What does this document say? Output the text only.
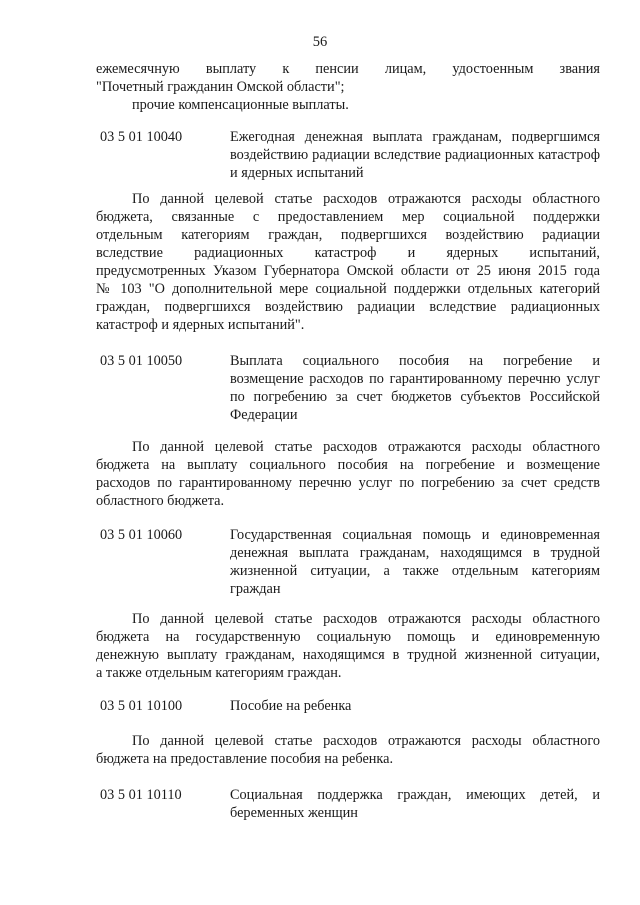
56
ежемесячную выплату к пенсии лицам, удостоенным звания
"Почетный гражданин Омской области";
прочие компенсационные выплаты.
03 5 01 10040	Ежегодная денежная выплата гражданам, подвергшимся
воздействию радиации вследствие радиационных катастроф
и ядерных испытаний
По данной целевой статье расходов отражаются расходы областного
бюджета, связанные с предоставлением мер социальной поддержки
отдельным категориям граждан, подвергшихся воздействию радиации
вследствие радиационных катастроф и ядерных испытаний,
предусмотренных Указом Губернатора Омской области от 25 июня 2015 года
№ 103 "О дополнительной мере социальной поддержки отдельных категорий
граждан, подвергшихся воздействию радиации вследствие радиационных
катастроф и ядерных испытаний".
03 5 01 10050	Выплата социального пособия на погребение и
возмещение расходов по гарантированному перечню услуг
по погребению за счет бюджетов субъектов Российской
Федерации
По данной целевой статье расходов отражаются расходы областного
бюджета на выплату социального пособия на погребение и возмещение
расходов по гарантированному перечню услуг по погребению за счет средств
областного бюджета.
03 5 01 10060	Государственная социальная помощь и единовременная
денежная выплата гражданам, находящимся в трудной
жизненной ситуации, а также отдельным категориям
граждан
По данной целевой статье расходов отражаются расходы областного
бюджета на государственную социальную помощь и единовременную
денежную выплату гражданам, находящимся в трудной жизненной ситуации,
а также отдельным категориям граждан.
03 5 01 10100	Пособие на ребенка
По данной целевой статье расходов отражаются расходы областного
бюджета на предоставление пособия на ребенка.
03 5 01 10110	Социальная поддержка граждан, имеющих детей, и
беременных женщин
